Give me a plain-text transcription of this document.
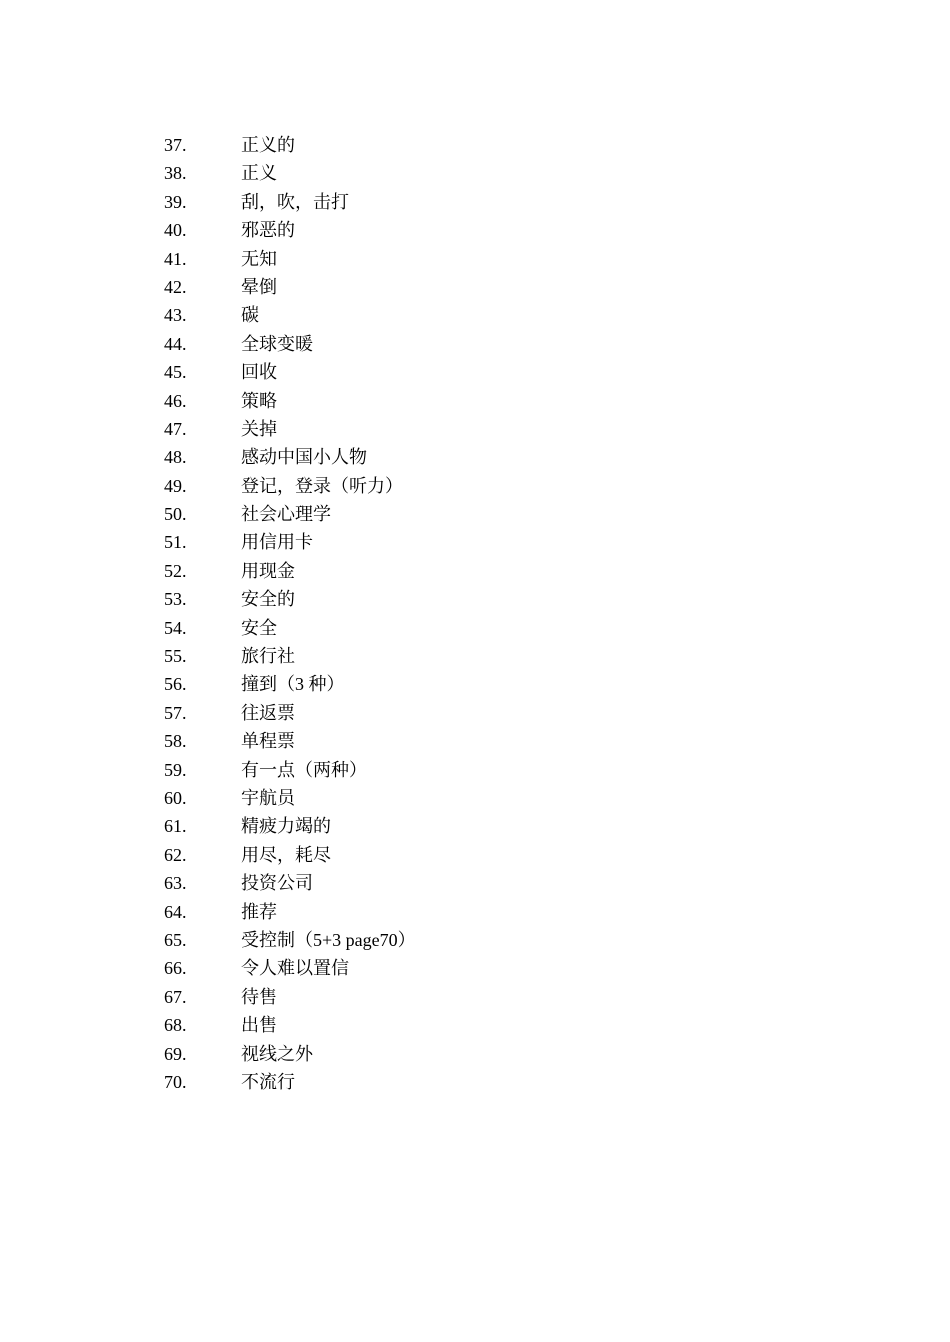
37.	正义的
38.	正义
39.	刮，吹，击打
40.	邪恶的
41.	无知
42.	晕倒
43.	碳
44.	全球变暖
45.	回收
46.	策略
47.	关掉
48.	感动中国小人物
49.	登记，登录（听力）
50.	社会心理学
51.	用信用卡
52.	用现金
53.	安全的
54.	安全
55.	旅行社
56.	撞到（3 种）
57.	往返票
58.	单程票
59.	有一点（两种）
60.	宇航员
61.	精疲力竭的
62.	用尽，耗尽
63.	投资公司
64.	推荐
65.	受控制（5+3 page70）
66.	令人难以置信
67.	待售
68.	出售
69.	视线之外
70.	不流行
